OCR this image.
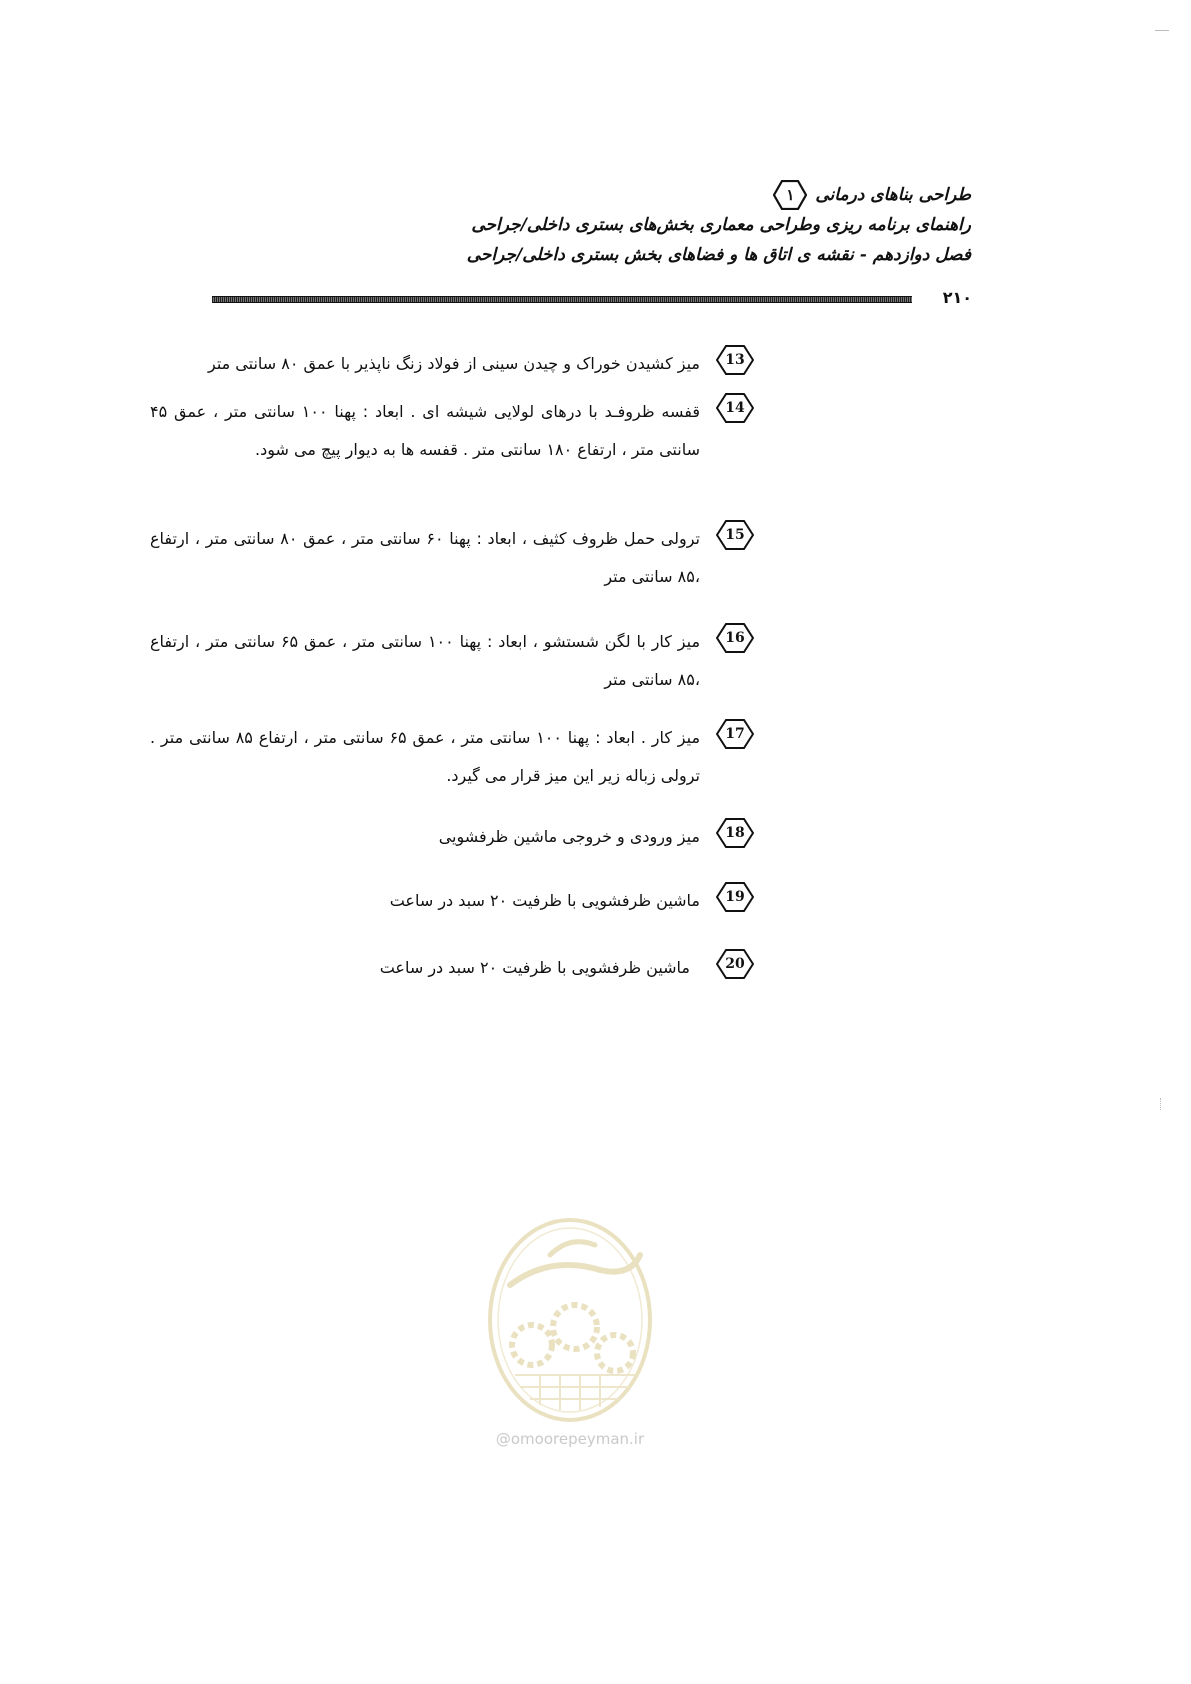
طراحی بناهای درمانی
۱
راهنمای برنامه ریزی وطراحی معماری بخش‌های بستری داخلی/جراحی
فصل دوازدهم - نقشه ی اتاق ها و فضاهای بخش بستری داخلی/جراحی
۲۱۰
میز کشیدن خوراک و چیدن سینی از فولاد زنگ ناپذیر با عمق ۸۰ سانتی متر	13
قفسه ظروفـد با درهای لولایی شیشه ای . ابعاد : پهنا ۱۰۰ سانتی متر ، عمق ۴۵ سانتی متر ، ارتفاع ۱۸۰ سانتی متر . قفسه ها به دیوار پیچ می شود.
14
ترولی حمل ظروف کثیف ، ابعاد : پهنا ۶۰ سانتی متر ، عمق ۸۰ سانتی متر ، ارتفاع ،۸۵ سانتی متر
15
میز کار با لگن شستشو ، ابعاد : پهنا ۱۰۰ سانتی متر ، عمق ۶۵ سانتی متر ، ارتفاع ،۸۵ سانتی متر
16
میز کار . ابعاد : پهنا ۱۰۰ سانتی متر ، عمق ۶۵ سانتی متر ، ارتفاع ۸۵ سانتی متر . ترولی زباله زیر این میز قرار می گیرد.
17
میز ورودی و خروجی ماشین ظرفشویی	18
ماشین ظرفشویی با ظرفیت ۲۰ سبد در ساعت	19
ماشین ظرفشویی با ظرفیت ۲۰ سبد در ساعت	20
@omoorepeyman.ir
